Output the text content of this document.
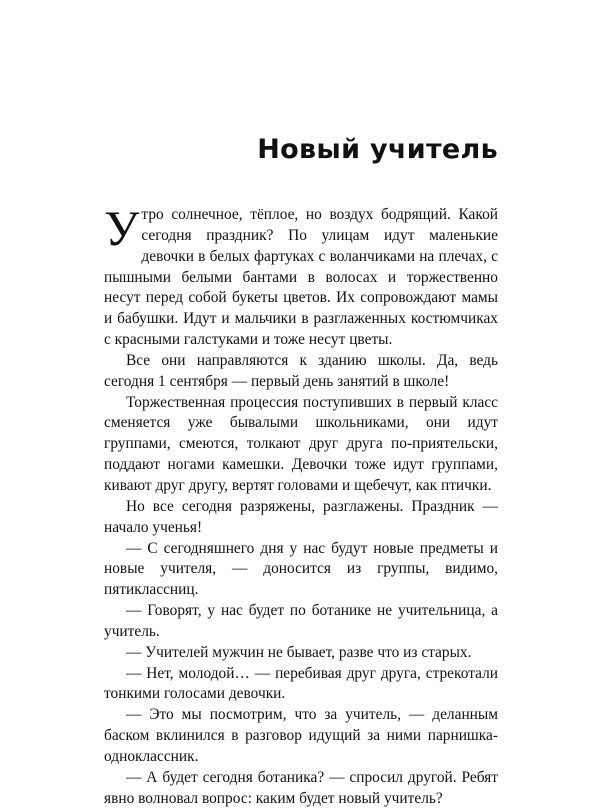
Новый учитель

Утро солнечное, тёплое, но воздух бодрящий. Какой сегодня праздник? По улицам идут маленькие девочки в белых фартуках с воланчиками на плечах, с пышными белыми бантами в волосах и торжественно несут перед собой букеты цветов. Их сопровождают мамы и бабушки. Идут и мальчики в разглаженных костюмчиках с красными галстуками и тоже несут цветы.

Все они направляются к зданию школы. Да, ведь сегодня 1 сентября — первый день занятий в школе!

Торжественная процессия поступивших в первый класс сменяется уже бывалыми школьниками, они идут группами, смеются, толкают друг друга по-приятельски, поддают ногами камешки. Девочки тоже идут группами, кивают друг другу, вертят головами и щебечут, как птички.

Но все сегодня разряжены, разглажены. Праздник — начало ученья!

— С сегодняшнего дня у нас будут новые предметы и новые учителя, — доносится из группы, видимо, пятиклассниц.

— Говорят, у нас будет по ботанике не учительница, а учитель.

— Учителей мужчин не бывает, разве что из старых.

— Нет, молодой… — перебивая друг друга, стрекотали тонкими голосами девочки.

— Это мы посмотрим, что за учитель, — деланным баском вклинился в разговор идущий за ними парнишка-одноклассник.

— А будет сегодня ботаника? — спросил другой. Ребят явно волновал вопрос: каким будет новый учитель?
